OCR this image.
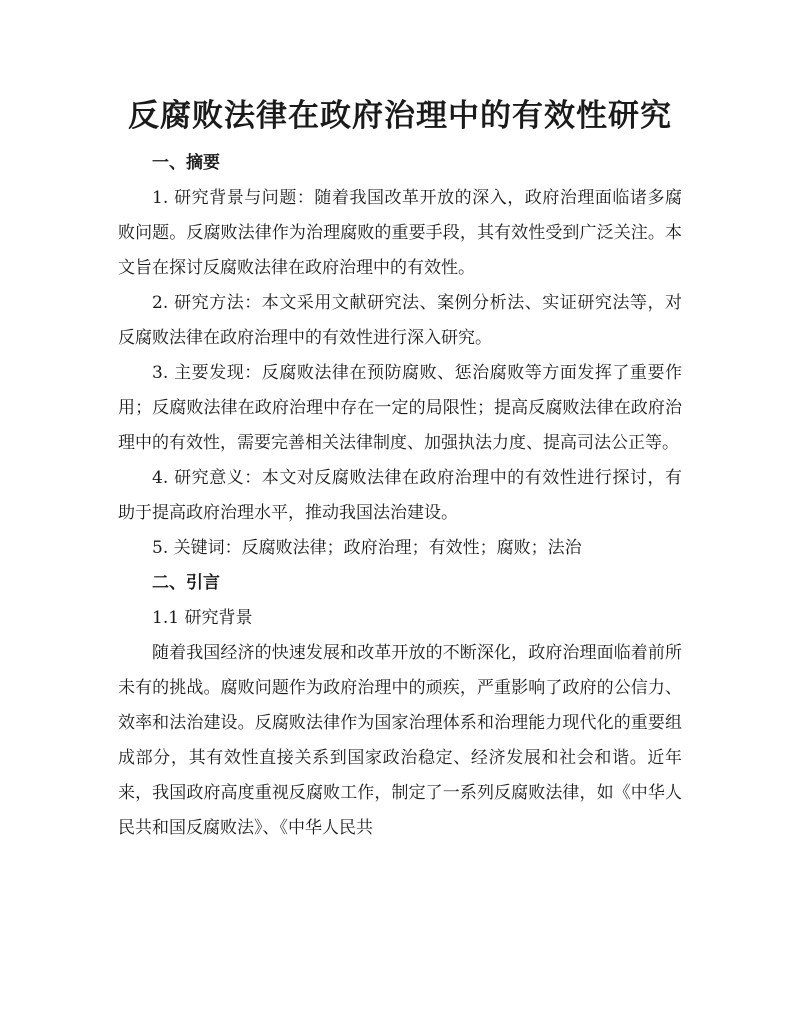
反腐败法律在政府治理中的有效性研究
一、摘要

1. 研究背景与问题：随着我国改革开放的深入，政府治理面临诸多腐败问题。反腐败法律作为治理腐败的重要手段，其有效性受到广泛关注。本文旨在探讨反腐败法律在政府治理中的有效性。

2. 研究方法：本文采用文献研究法、案例分析法、实证研究法等，对反腐败法律在政府治理中的有效性进行深入研究。

3. 主要发现：反腐败法律在预防腐败、惩治腐败等方面发挥了重要作用；反腐败法律在政府治理中存在一定的局限性；提高反腐败法律在政府治理中的有效性，需要完善相关法律制度、加强执法力度、提高司法公正等。

4. 研究意义：本文对反腐败法律在政府治理中的有效性进行探讨，有助于提高政府治理水平，推动我国法治建设。

5. 关键词：反腐败法律；政府治理；有效性；腐败；法治

二、引言
1.1 研究背景

随着我国经济的快速发展和改革开放的不断深化，政府治理面临着前所未有的挑战。腐败问题作为政府治理中的顽疾，严重影响了政府的公信力、效率和法治建设。反腐败法律作为国家治理体系和治理能力现代化的重要组成部分，其有效性直接关系到国家政治稳定、经济发展和社会和谐。近年来，我国政府高度重视反腐败工作，制定了一系列反腐败法律，如《中华人民共和国反腐败法》、《中华人民共
